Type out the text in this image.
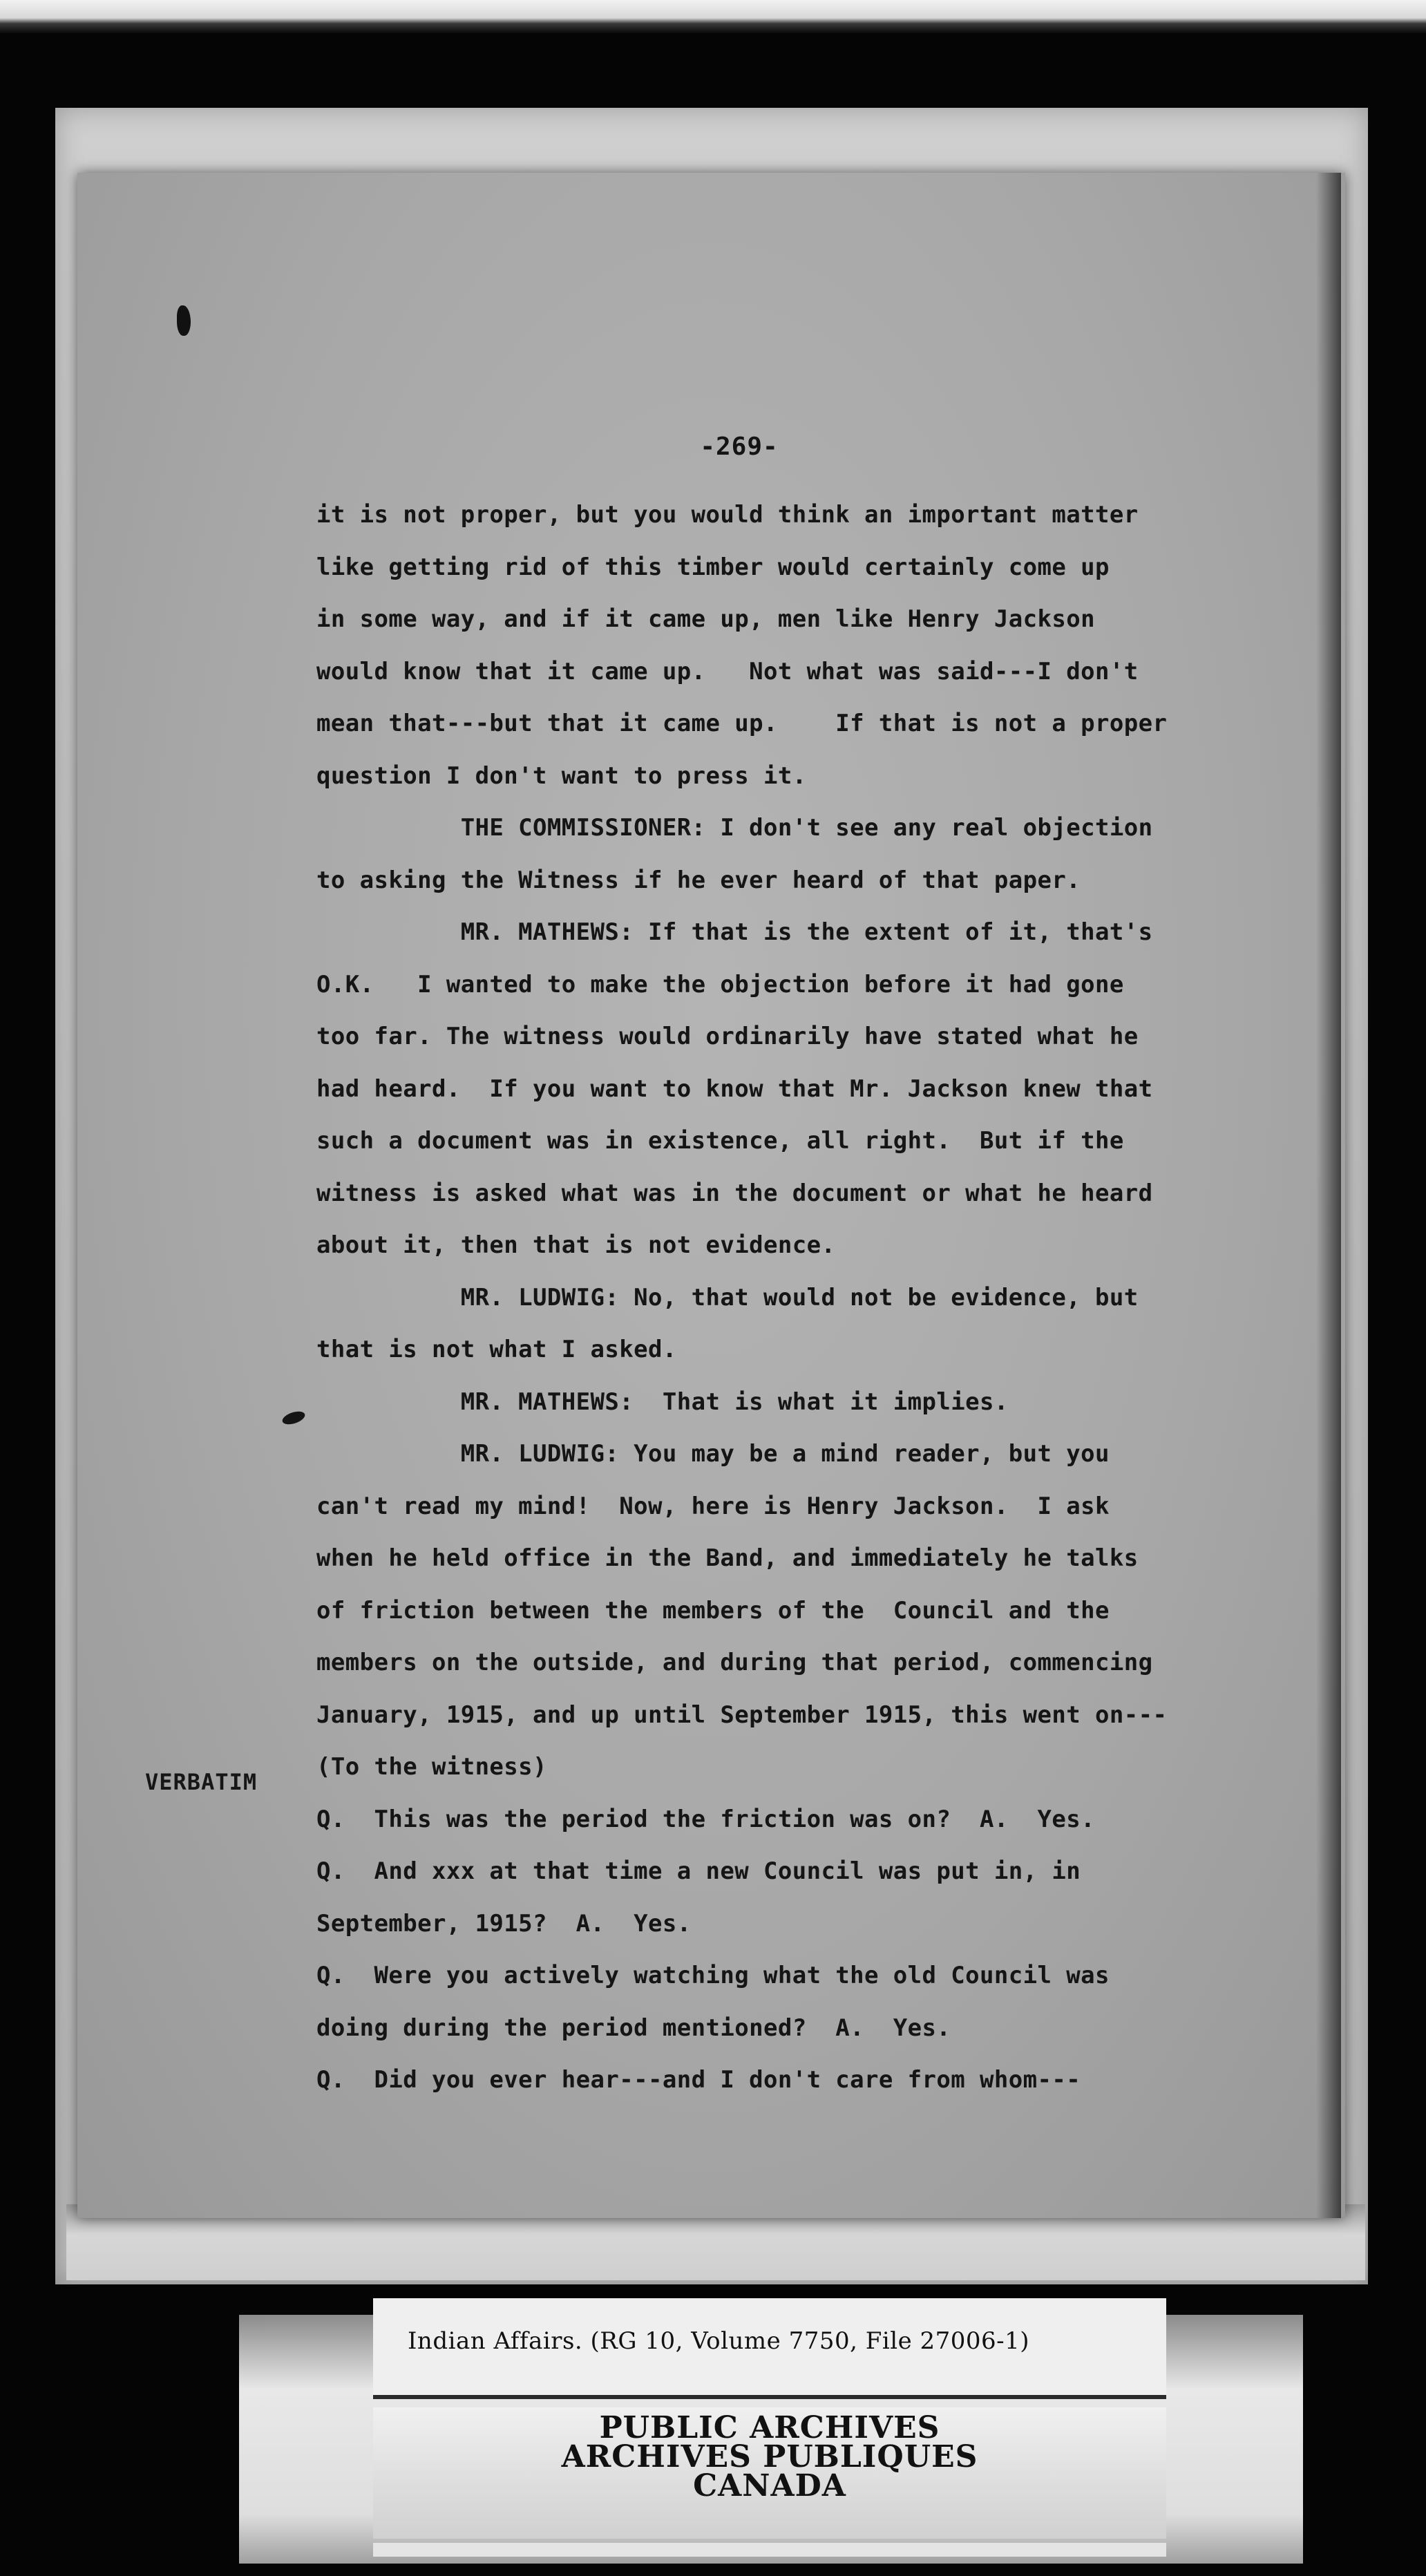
-269-
it is not proper, but you would think an important matter
like getting rid of this timber would certainly come up
in some way, and if it came up, men like Henry Jackson
would know that it came up.   Not what was said---I don't
mean that---but that it came up.    If that is not a proper
question I don't want to press it.
THE COMMISSIONER: I don't see any real objection
to asking the Witness if he ever heard of that paper.
MR. MATHEWS: If that is the extent of it, that's
O.K.   I wanted to make the objection before it had gone
too far. The witness would ordinarily have stated what he
had heard.  If you want to know that Mr. Jackson knew that
such a document was in existence, all right.  But if the
witness is asked what was in the document or what he heard
about it, then that is not evidence.
MR. LUDWIG: No, that would not be evidence, but
that is not what I asked.
MR. MATHEWS:  That is what it implies.
MR. LUDWIG: You may be a mind reader, but you
can't read my mind!  Now, here is Henry Jackson.  I ask
when he held office in the Band, and immediately he talks
of friction between the members of the  Council and the
members on the outside, and during that period, commencing
January, 1915, and up until September 1915, this went on---
(To the witness)
Q.  This was the period the friction was on?  A.  Yes.
Q.  And xxx at that time a new Council was put in, in
September, 1915?  A.  Yes.
Q.  Were you actively watching what the old Council was
doing during the period mentioned?  A.  Yes.
Q.  Did you ever hear---and I don't care from whom---
VERBATIM
Indian Affairs. (RG 10, Volume 7750, File 27006-1)
PUBLIC ARCHIVES
ARCHIVES PUBLIQUES
CANADA
